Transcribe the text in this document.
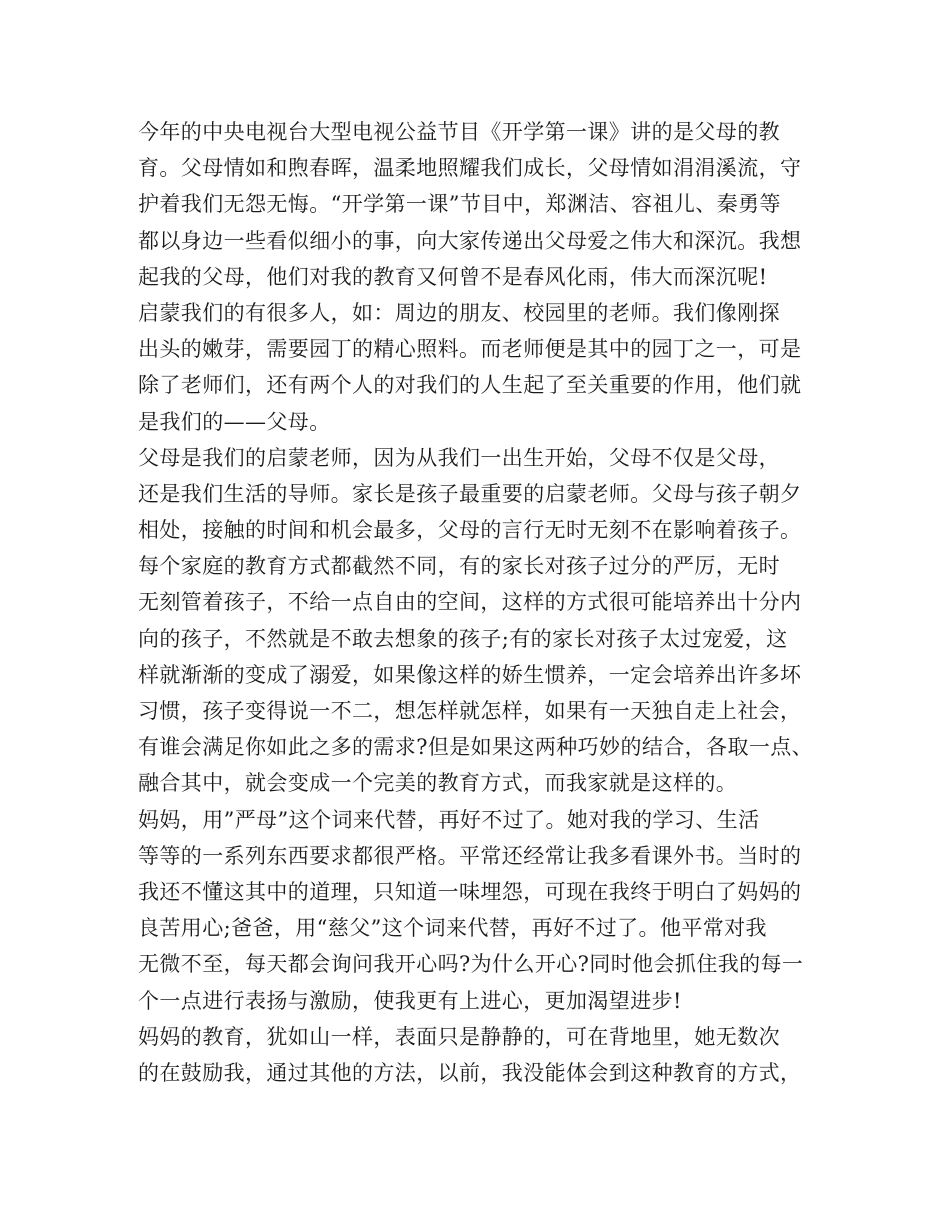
今年的中央电视台大型电视公益节目《开学第一课》讲的是父母的教
育。父母情如和煦春晖，温柔地照耀我们成长，父母情如涓涓溪流，守
护着我们无怨无悔。“开学第一课”节目中，郑渊洁、容祖儿、秦勇等
都以身边一些看似细小的事，向大家传递出父母爱之伟大和深沉。我想
起我的父母，他们对我的教育又何曾不是春风化雨，伟大而深沉呢!
启蒙我们的有很多人，如：周边的朋友、校园里的老师。我们像刚探
出头的嫩芽，需要园丁的精心照料。而老师便是其中的园丁之一，可是
除了老师们，还有两个人的对我们的人生起了至关重要的作用，他们就
是我们的——父母。
父母是我们的启蒙老师，因为从我们一出生开始，父母不仅是父母，
还是我们生活的导师。家长是孩子最重要的启蒙老师。父母与孩子朝夕
相处，接触的时间和机会最多，父母的言行无时无刻不在影响着孩子。
每个家庭的教育方式都截然不同，有的家长对孩子过分的严厉，无时
无刻管着孩子，不给一点自由的空间，这样的方式很可能培养出十分内
向的孩子，不然就是不敢去想象的孩子;有的家长对孩子太过宠爱，这
样就渐渐的变成了溺爱，如果像这样的娇生惯养，一定会培养出许多坏
习惯，孩子变得说一不二，想怎样就怎样，如果有一天独自走上社会，
有谁会满足你如此之多的需求?但是如果这两种巧妙的结合，各取一点、
融合其中，就会变成一个完美的教育方式，而我家就是这样的。
妈妈，用”严母”这个词来代替，再好不过了。她对我的学习、生活
等等的一系列东西要求都很严格。平常还经常让我多看课外书。当时的
我还不懂这其中的道理，只知道一味埋怨，可现在我终于明白了妈妈的
良苦用心;爸爸，用“慈父”这个词来代替，再好不过了。他平常对我
无微不至，每天都会询问我开心吗?为什么开心?同时他会抓住我的每一
个一点进行表扬与激励，使我更有上进心，更加渴望进步!
妈妈的教育，犹如山一样，表面只是静静的，可在背地里，她无数次
的在鼓励我，通过其他的方法，以前，我没能体会到这种教育的方式，
